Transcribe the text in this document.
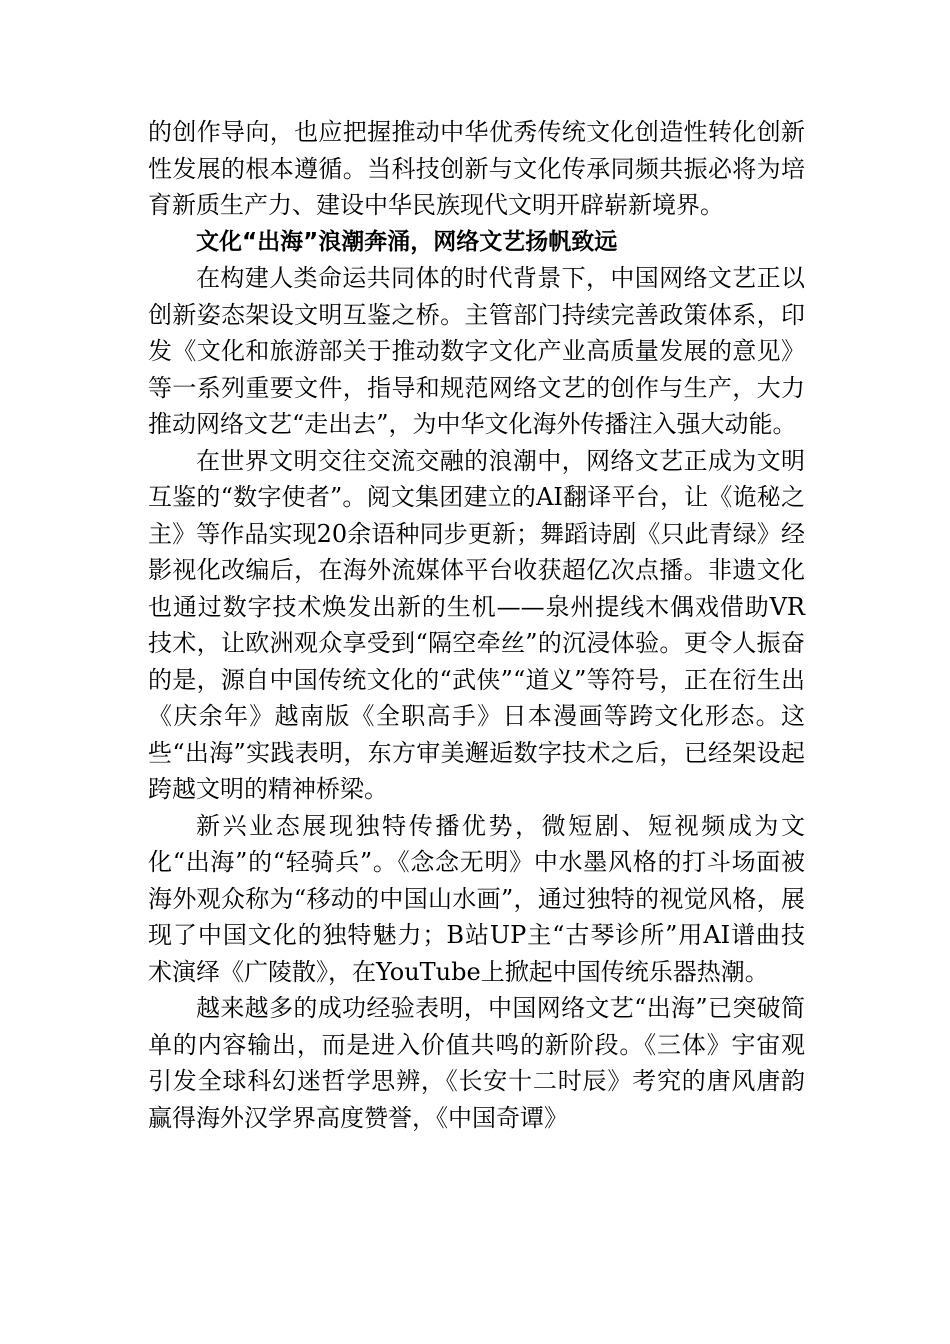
的创作导向，也应把握推动中华优秀传统文化创造性转化创新性发展的根本遵循。当科技创新与文化传承同频共振必将为培育新质生产力、建设中华民族现代文明开辟崭新境界。

文化“出海”浪潮奔涌，网络文艺扬帆致远

在构建人类命运共同体的时代背景下，中国网络文艺正以创新姿态架设文明互鉴之桥。主管部门持续完善政策体系，印发《文化和旅游部关于推动数字文化产业高质量发展的意见》等一系列重要文件，指导和规范网络文艺的创作与生产，大力推动网络文艺“走出去”，为中华文化海外传播注入强大动能。

在世界文明交往交流交融的浪潮中，网络文艺正成为文明互鉴的“数字使者”。阅文集团建立的AI翻译平台，让《诡秘之主》等作品实现20余语种同步更新；舞蹈诗剧《只此青绿》经影视化改编后，在海外流媒体平台收获超亿次点播。非遗文化也通过数字技术焕发出新的生机——泉州提线木偶戏借助VR技术，让欧洲观众享受到“隔空牵丝”的沉浸体验。更令人振奋的是，源自中国传统文化的“武侠”“道义”等符号，正在衍生出《庆余年》越南版《全职高手》日本漫画等跨文化形态。这些“出海”实践表明，东方审美邂逅数字技术之后，已经架设起跨越文明的精神桥梁。

新兴业态展现独特传播优势，微短剧、短视频成为文化“出海”的“轻骑兵”。《念念无明》中水墨风格的打斗场面被海外观众称为“移动的中国山水画”，通过独特的视觉风格，展现了中国文化的独特魅力；B站UP主“古琴诊所”用AI谱曲技术演绎《广陵散》，在YouTube上掀起中国传统乐器热潮。

越来越多的成功经验表明，中国网络文艺“出海”已突破简单的内容输出，而是进入价值共鸣的新阶段。《三体》宇宙观引发全球科幻迷哲学思辨，《长安十二时辰》考究的唐风唐韵赢得海外汉学界高度赞誉，《中国奇谭》
